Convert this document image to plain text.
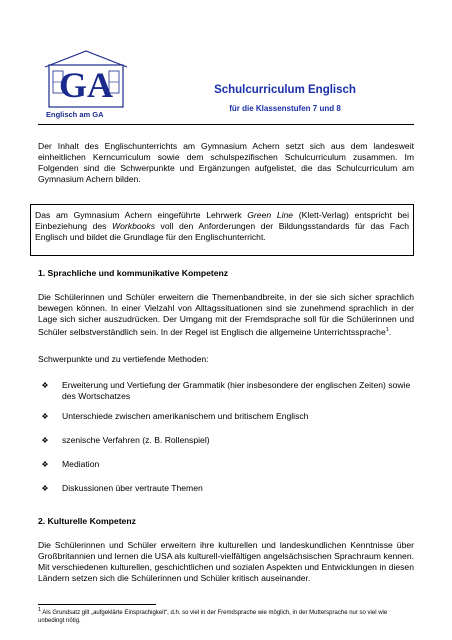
GA
Englisch am GA
Schulcurriculum Englisch
für die Klassenstufen 7 und 8
Der Inhalt des Englischunterrichts am Gymnasium Achern setzt sich aus dem landesweit einheitlichen Kerncurriculum sowie dem schulspezifischen Schulcurriculum zusammen. Im Folgenden sind die Schwerpunkte und Ergänzungen aufgelistet, die das Schulcurriculum am Gymnasium Achern bilden.
Das am Gymnasium Achern eingeführte Lehrwerk Green Line (Klett-Verlag) entspricht bei Einbeziehung des Workbooks voll den Anforderungen der Bildungsstandards für das Fach Englisch und bildet die Grundlage für den Englischunterricht.
1. Sprachliche und kommunikative Kompetenz
Die Schülerinnen und Schüler erweitern die Themenbandbreite, in der sie sich sicher sprachlich bewegen können. In einer Vielzahl von Alltagssituationen sind sie zunehmend sprachlich in der Lage sich sicher auszudrücken. Der Umgang mit der Fremdsprache soll für die Schülerinnen und Schüler selbstverständlich sein. In der Regel ist Englisch die allgemeine Unterrichtssprache$^1$.
Schwerpunkte und zu vertiefende Methoden:
❖	Erweiterung und Vertiefung der Grammatik (hier insbesondere der englischen Zeiten) sowie des Wortschatzes
❖	Unterschiede zwischen amerikanischem und britischem Englisch
❖	szenische Verfahren (z. B. Rollenspiel)
❖	Mediation
❖	Diskussionen über vertraute Themen
2. Kulturelle Kompetenz
Die Schülerinnen und Schüler erweitern ihre kulturellen und landeskundlichen Kenntnisse über Großbritannien und lernen die USA als kulturell-vielfältigen angelsächsischen Sprachraum kennen. Mit verschiedenen kulturellen, geschichtlichen und sozialen Aspekten und Entwicklungen in diesen Ländern setzen sich die Schülerinnen und Schüler kritisch auseinander.
$^1$ Als Grundsatz gilt „aufgeklärte Einsprachigkeit“, d.h. so viel in der Fremdsprache wie möglich, in der Muttersprache nur so viel wie unbedingt nötig.
